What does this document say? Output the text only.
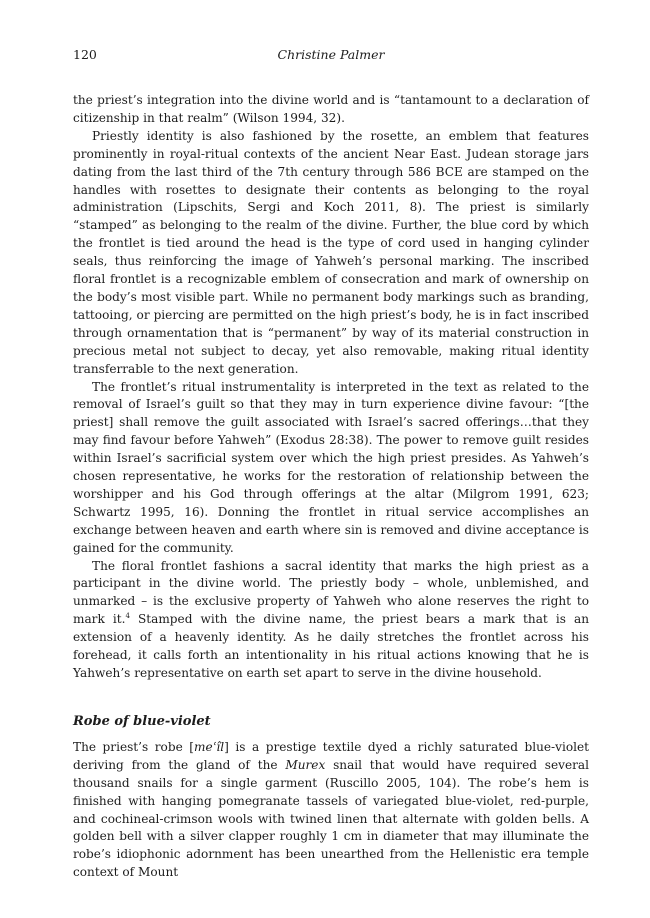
120	Christine Palmer

the priest’s integration into the divine world and is “tantamount to a declaration of citizenship in that realm” (Wilson 1994, 32).

Priestly identity is also fashioned by the rosette, an emblem that features prominently in royal-ritual contexts of the ancient Near East. Judean storage jars dating from the last third of the 7th century through 586 BCE are stamped on the handles with rosettes to designate their contents as belonging to the royal administration (Lipschits, Sergi and Koch 2011, 8). The priest is similarly “stamped” as belonging to the realm of the divine. Further, the blue cord by which the frontlet is tied around the head is the type of cord used in hanging cylinder seals, thus reinforcing the image of Yahweh’s personal marking. The inscribed floral frontlet is a recognizable emblem of consecration and mark of ownership on the body’s most visible part. While no permanent body markings such as branding, tattooing, or piercing are permitted on the high priest’s body, he is in fact inscribed through ornamentation that is “permanent” by way of its material construction in precious metal not subject to decay, yet also removable, making ritual identity transferrable to the next generation.

The frontlet’s ritual instrumentality is interpreted in the text as related to the removal of Israel’s guilt so that they may in turn experience divine favour: “[the priest] shall remove the guilt associated with Israel’s sacred offerings…that they may find favour before Yahweh” (Exodus 28:38). The power to remove guilt resides within Israel’s sacrificial system over which the high priest presides. As Yahweh’s chosen representative, he works for the restoration of relationship between the worshipper and his God through offerings at the altar (Milgrom 1991, 623; Schwartz 1995, 16). Donning the frontlet in ritual service accomplishes an exchange between heaven and earth where sin is removed and divine acceptance is gained for the community.

The floral frontlet fashions a sacral identity that marks the high priest as a participant in the divine world. The priestly body – whole, unblemished, and unmarked – is the exclusive property of Yahweh who alone reserves the right to mark it.$^4$ Stamped with the divine name, the priest bears a mark that is an extension of a heavenly identity. As he daily stretches the frontlet across his forehead, it calls forth an intentionality in his ritual actions knowing that he is Yahweh’s representative on earth set apart to serve in the divine household.

Robe of blue-violet

The priest’s robe [meʿîl] is a prestige textile dyed a richly saturated blue-violet deriving from the gland of the Murex snail that would have required several thousand snails for a single garment (Ruscillo 2005, 104). The robe’s hem is finished with hanging pomegranate tassels of variegated blue-violet, red-purple, and cochineal-crimson wools with twined linen that alternate with golden bells. A golden bell with a silver clapper roughly 1 cm in diameter that may illuminate the robe’s idiophonic adornment has been unearthed from the Hellenistic era temple context of Mount
